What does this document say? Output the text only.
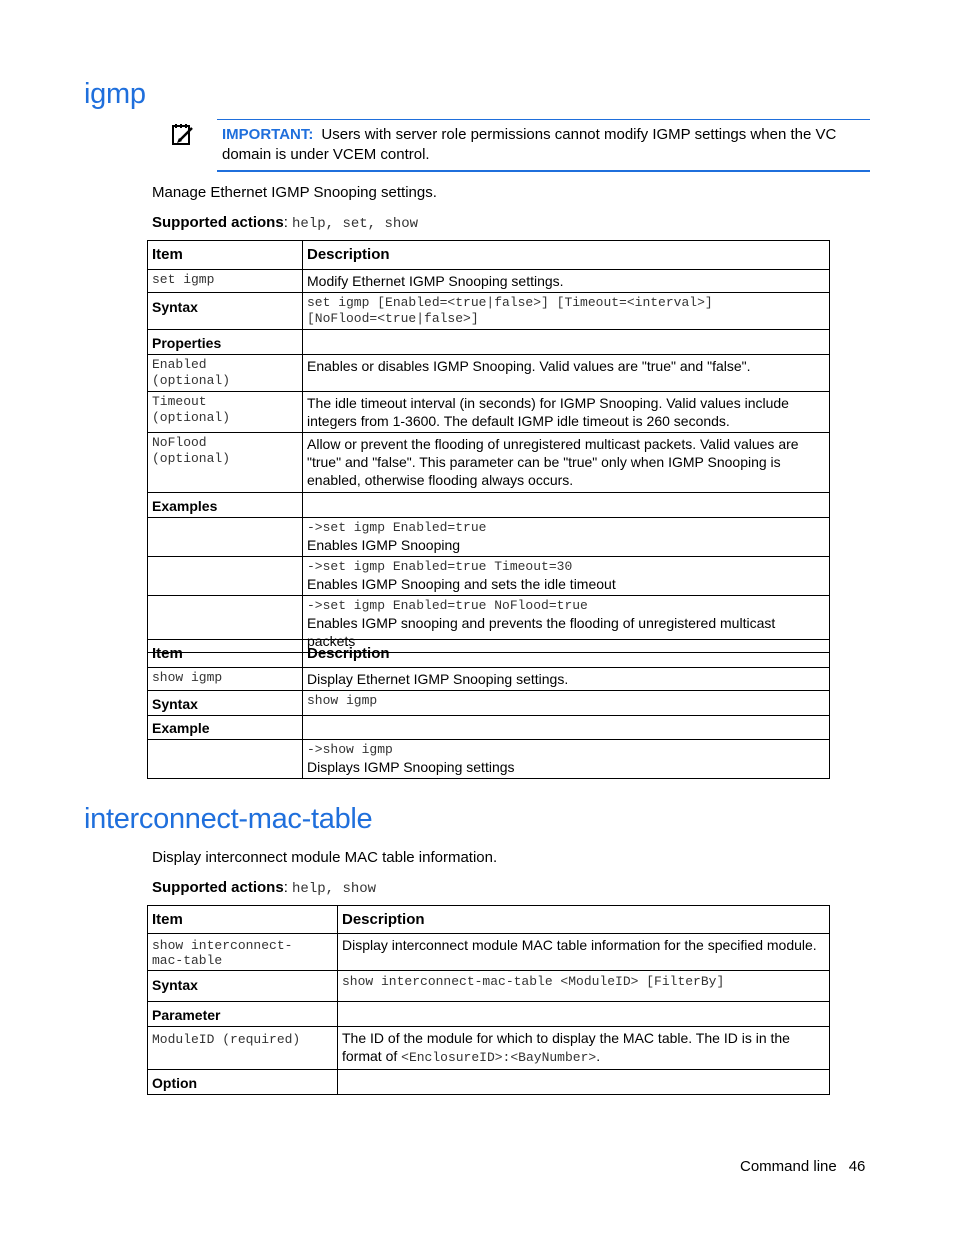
igmp
IMPORTANT: Users with server role permissions cannot modify IGMP settings when the VC domain is under VCEM control.
Manage Ethernet IGMP Snooping settings.
Supported actions: help, set, show
Item	Description
set igmp	Modify Ethernet IGMP Snooping settings.
Syntax	set igmp [Enabled=<true|false>] [Timeout=<interval>]
[NoFlood=<true|false>]

Properties	

Enabled
(optional)	Enables or disables IGMP Snooping. Valid values are "true" and "false".

Timeout
(optional)	The idle timeout interval (in seconds) for IGMP Snooping. Valid values include integers from 1-3600. The default IGMP idle timeout is 260 seconds.

NoFlood
(optional)	Allow or prevent the flooding of unregistered multicast packets. Valid values are "true" and "false". This parameter can be "true" only when IGMP Snooping is enabled, otherwise flooding always occurs.
Examples	

	->set igmp Enabled=true
Enables IGMP Snooping

	->set igmp Enabled=true Timeout=30
Enables IGMP Snooping and sets the idle timeout

	->set igmp Enabled=true NoFlood=true
Enables IGMP snooping and prevents the flooding of unregistered multicast packets
Item	Description
show igmp	Display Ethernet IGMP Snooping settings.
Syntax	show igmp
Example	

	->show igmp
Displays IGMP Snooping settings
interconnect-mac-table
Display interconnect module MAC table information.
Supported actions: help, show
Item	Description

show interconnect-
mac-table	Display interconnect module MAC table information for the specified module.
Syntax	show interconnect-mac-table <ModuleID> [FilterBy]
Parameter	
ModuleID (required)	The ID of the module for which to display the MAC table. The ID is in the format of <EnclosureID>:<BayNumber>.
Option	
Command line 46
